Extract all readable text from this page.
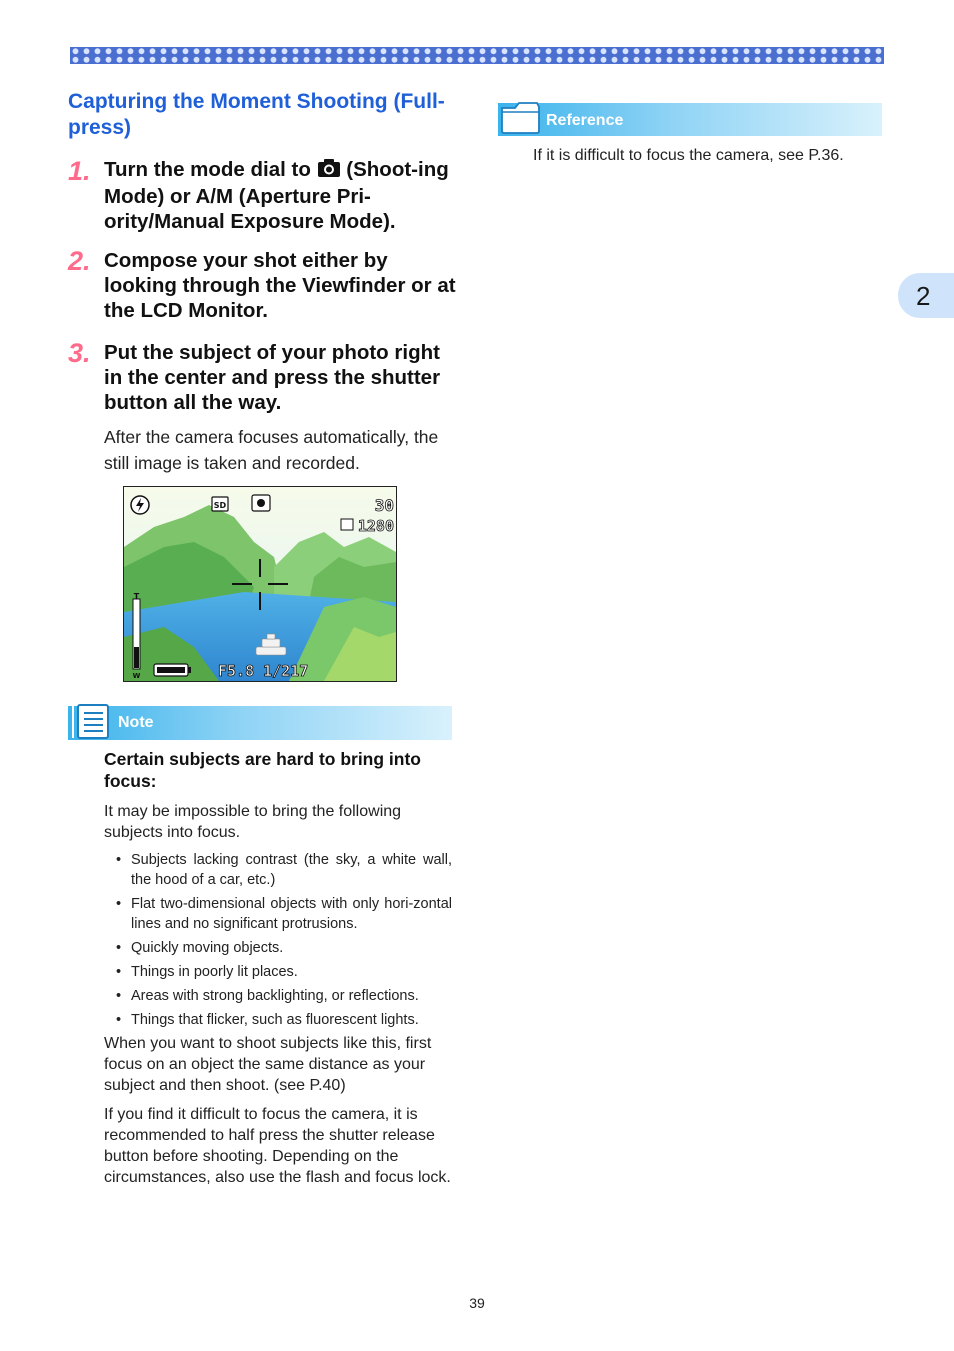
Capturing the Moment Shooting (Full-press)
1. Turn the mode dial to  (Shoot-ing Mode) or A/M (Aperture Pri-ority/Manual Exposure Mode).
2. Compose your shot either by looking through the Viewfinder or at the LCD Monitor.
3. Put the subject of your photo right in the center and press the shutter button all the way.
After the camera focuses automatically, the still image is taken and recorded.
SD	30
1280
T
W	F5.8 1/217
Note
Certain subjects are hard to bring into focus:
It may be impossible to bring the following subjects into focus.
• Subjects lacking contrast (the sky, a white wall, the hood of a car, etc.)
• Flat two-dimensional objects with only hori-zontal lines and no significant protrusions.
• Quickly moving objects.
• Things in poorly lit places.
• Areas with strong backlighting, or reflections.
• Things that flicker, such as fluorescent lights.
When you want to shoot subjects like this, first focus on an object the same distance as your subject and then shoot. (see P.40)
If you find it difficult to focus the camera, it is recommended to half press the shutter release button before shooting. Depending on the circumstances, also use the flash and focus lock.
Reference
If it is difficult to focus the camera, see P.36.
2
39
